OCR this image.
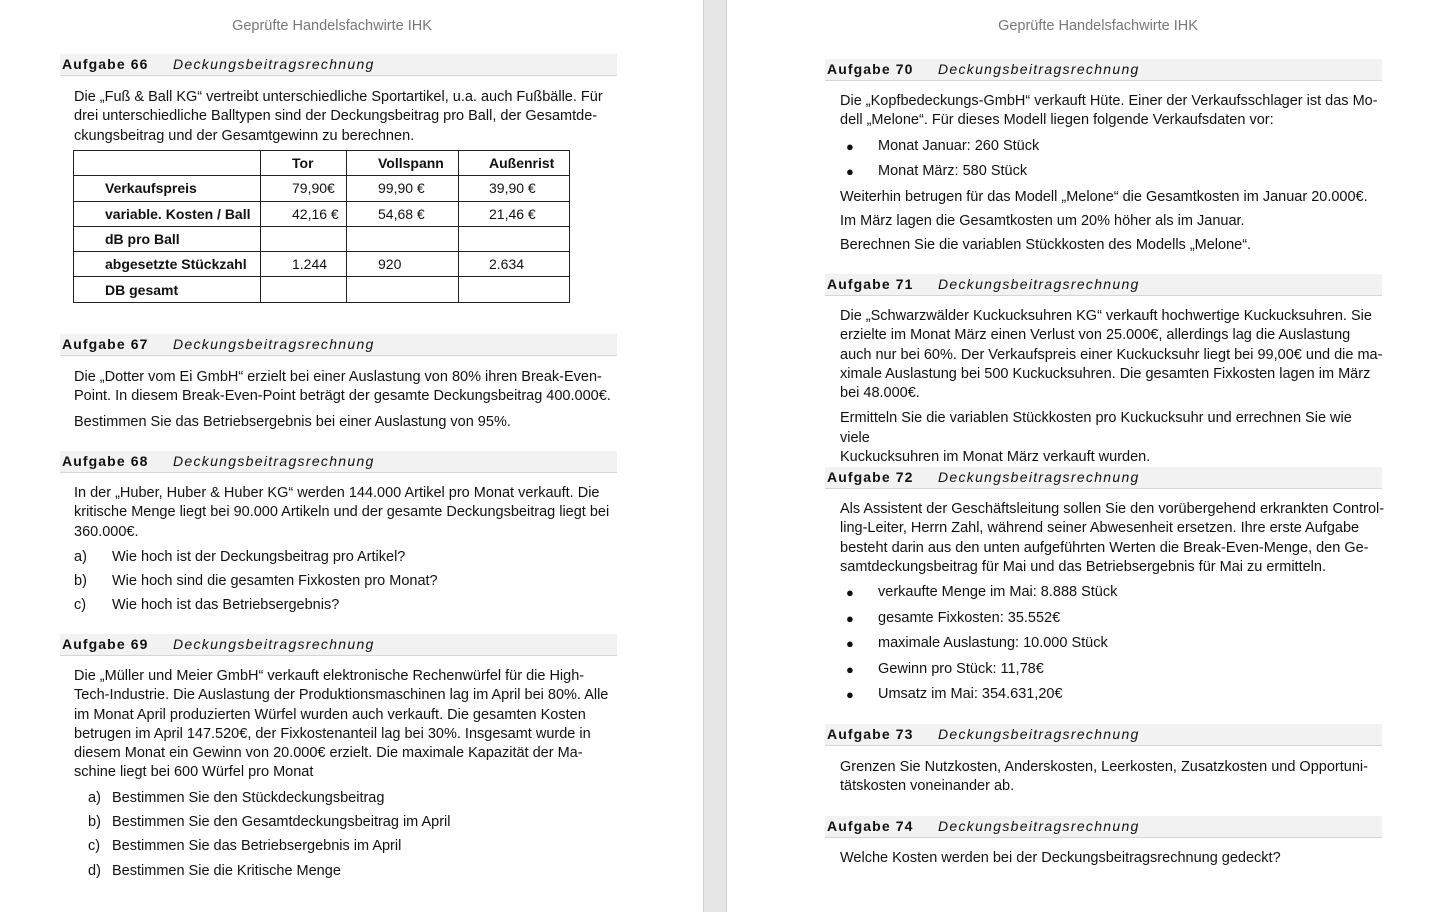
Geprüfte Handelsfachwirte IHK
Aufgabe 66 Deckungsbeitragsrechnung

Die „Fuß & Ball KG“ vertreibt unterschiedliche Sportartikel, u.a. auch Fußbälle. Für
drei unterschiedliche Balltypen sind der Deckungsbeitrag pro Ball, der Gesamtde-
ckungsbeitrag und der Gesamtgewinn zu berechnen.

	Tor	Vollspann	Außenrist
Verkaufspreis	79,90€	99,90 €	39,90 €
variable. Kosten / Ball	42,16 €	54,68 €	21,46 €
dB pro Ball			
abgesetzte Stückzahl	1.244	920	2.634
DB gesamt			
Aufgabe 67 Deckungsbeitragsrechnung

Die „Dotter vom Ei GmbH“ erzielt bei einer Auslastung von 80% ihren Break-Even-
Point. In diesem Break-Even-Point beträgt der gesamte Deckungsbeitrag 400.000€.

Bestimmen Sie das Betriebsergebnis bei einer Auslastung von 95%.

Aufgabe 68 Deckungsbeitragsrechnung

In der „Huber, Huber & Huber KG“ werden 144.000 Artikel pro Monat verkauft. Die
kritische Menge liegt bei 90.000 Artikeln und der gesamte Deckungsbeitrag liegt bei
360.000€.

a) Wie hoch ist der Deckungsbeitrag pro Artikel?
b) Wie hoch sind die gesamten Fixkosten pro Monat?
c) Wie hoch ist das Betriebsergebnis?
Aufgabe 69 Deckungsbeitragsrechnung

Die „Müller und Meier GmbH“ verkauft elektronische Rechenwürfel für die High-
Tech-Industrie. Die Auslastung der Produktionsmaschinen lag im April bei 80%. Alle
im Monat April produzierten Würfel wurden auch verkauft. Die gesamten Kosten
betrugen im April 147.520€, der Fixkostenanteil lag bei 30%. Insgesamt wurde in
diesem Monat ein Gewinn von 20.000€ erzielt. Die maximale Kapazität der Ma-
schine liegt bei 600 Würfel pro Monat

a) Bestimmen Sie den Stückdeckungsbeitrag
b) Bestimmen Sie den Gesamtdeckungsbeitrag im April
c) Bestimmen Sie das Betriebsergebnis im April
d) Bestimmen Sie die Kritische Menge
Geprüfte Handelsfachwirte IHK
Aufgabe 70 Deckungsbeitragsrechnung

Die „Kopfbedeckungs-GmbH“ verkauft Hüte. Einer der Verkaufsschlager ist das Mo-
dell „Melone“. Für dieses Modell liegen folgende Verkaufsdaten vor:

● Monat Januar: 260 Stück
● Monat März: 580 Stück

Weiterhin betrugen für das Modell „Melone“ die Gesamtkosten im Januar 20.000€.

Im März lagen die Gesamtkosten um 20% höher als im Januar.

Berechnen Sie die variablen Stückkosten des Modells „Melone“.

Aufgabe 71 Deckungsbeitragsrechnung

Die „Schwarzwälder Kuckucksuhren KG“ verkauft hochwertige Kuckucksuhren. Sie
erzielte im Monat März einen Verlust von 25.000€, allerdings lag die Auslastung
auch nur bei 60%. Der Verkaufspreis einer Kuckucksuhr liegt bei 99,00€ und die ma-
ximale Auslastung bei 500 Kuckucksuhren. Die gesamten Fixkosten lagen im März
bei 48.000€.

Ermitteln Sie die variablen Stückkosten pro Kuckucksuhr und errechnen Sie wie viele
Kuckucksuhren im Monat März verkauft wurden.

Aufgabe 72 Deckungsbeitragsrechnung

Als Assistent der Geschäftsleitung sollen Sie den vorübergehend erkrankten Control-
ling-Leiter, Herrn Zahl, während seiner Abwesenheit ersetzen. Ihre erste Aufgabe
besteht darin aus den unten aufgeführten Werten die Break-Even-Menge, den Ge-
samtdeckungsbeitrag für Mai und das Betriebsergebnis für Mai zu ermitteln.

● verkaufte Menge im Mai: 8.888 Stück
● gesamte Fixkosten: 35.552€
● maximale Auslastung: 10.000 Stück
● Gewinn pro Stück: 11,78€
● Umsatz im Mai: 354.631,20€
Aufgabe 73 Deckungsbeitragsrechnung

Grenzen Sie Nutzkosten, Anderskosten, Leerkosten, Zusatzkosten und Opportuni-
tätskosten voneinander ab.

Aufgabe 74 Deckungsbeitragsrechnung

Welche Kosten werden bei der Deckungsbeitragsrechnung gedeckt?
